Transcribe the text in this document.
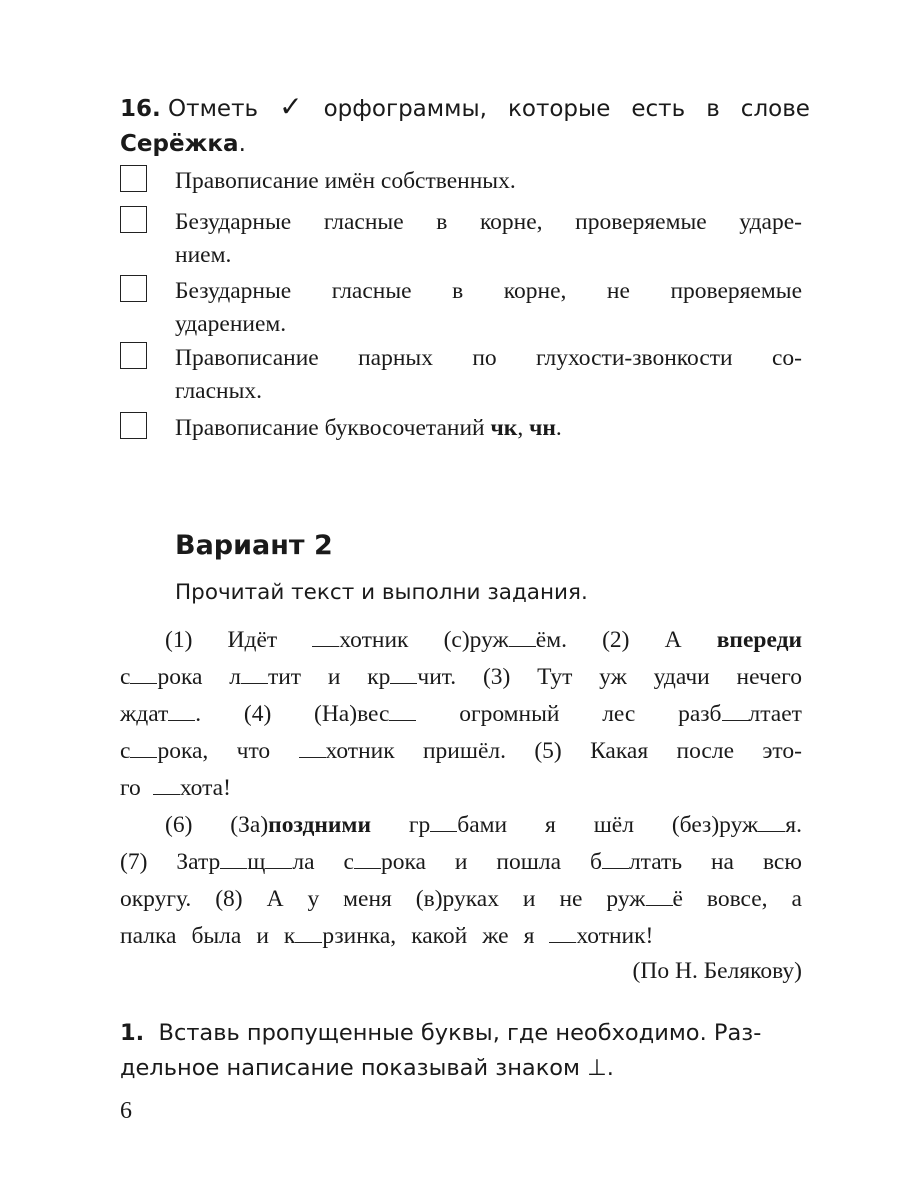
16. Отметь ✓ орфограммы, которые есть в слове
Серёжка.
Правописание имён собственных.
Безударные гласные в корне, проверяемые ударе-
нием.
Безударные гласные в корне, не проверяемые
ударением.
Правописание парных по глухости-звонкости со-
гласных.
Правописание буквосочетаний чк, чн.
Вариант 2
Прочитай текст и выполни задания.
(1) Идёт	хотник (с)руж ём. (2) А впереди
с рока л тит и кр чит. (3) Тут уж удачи нечего
ждат . (4) (На)вес	огромный лес разб лтает
с рока, что	хотник пришёл. (5) Какая после это-
го	хота!
(6) (За)поздними гр бами я шёл (без)руж я.
(7) Затр щ ла с рока и пошла б лтать на всю
округу. (8) А у меня (в)руках и не руж ё вовсе, а
палка была и к рзинка, какой же я	хотник!
(По Н. Белякову)
1. Вставь пропущенные буквы, где необходимо. Раз-
дельное написание показывай знаком ⊥.
6
